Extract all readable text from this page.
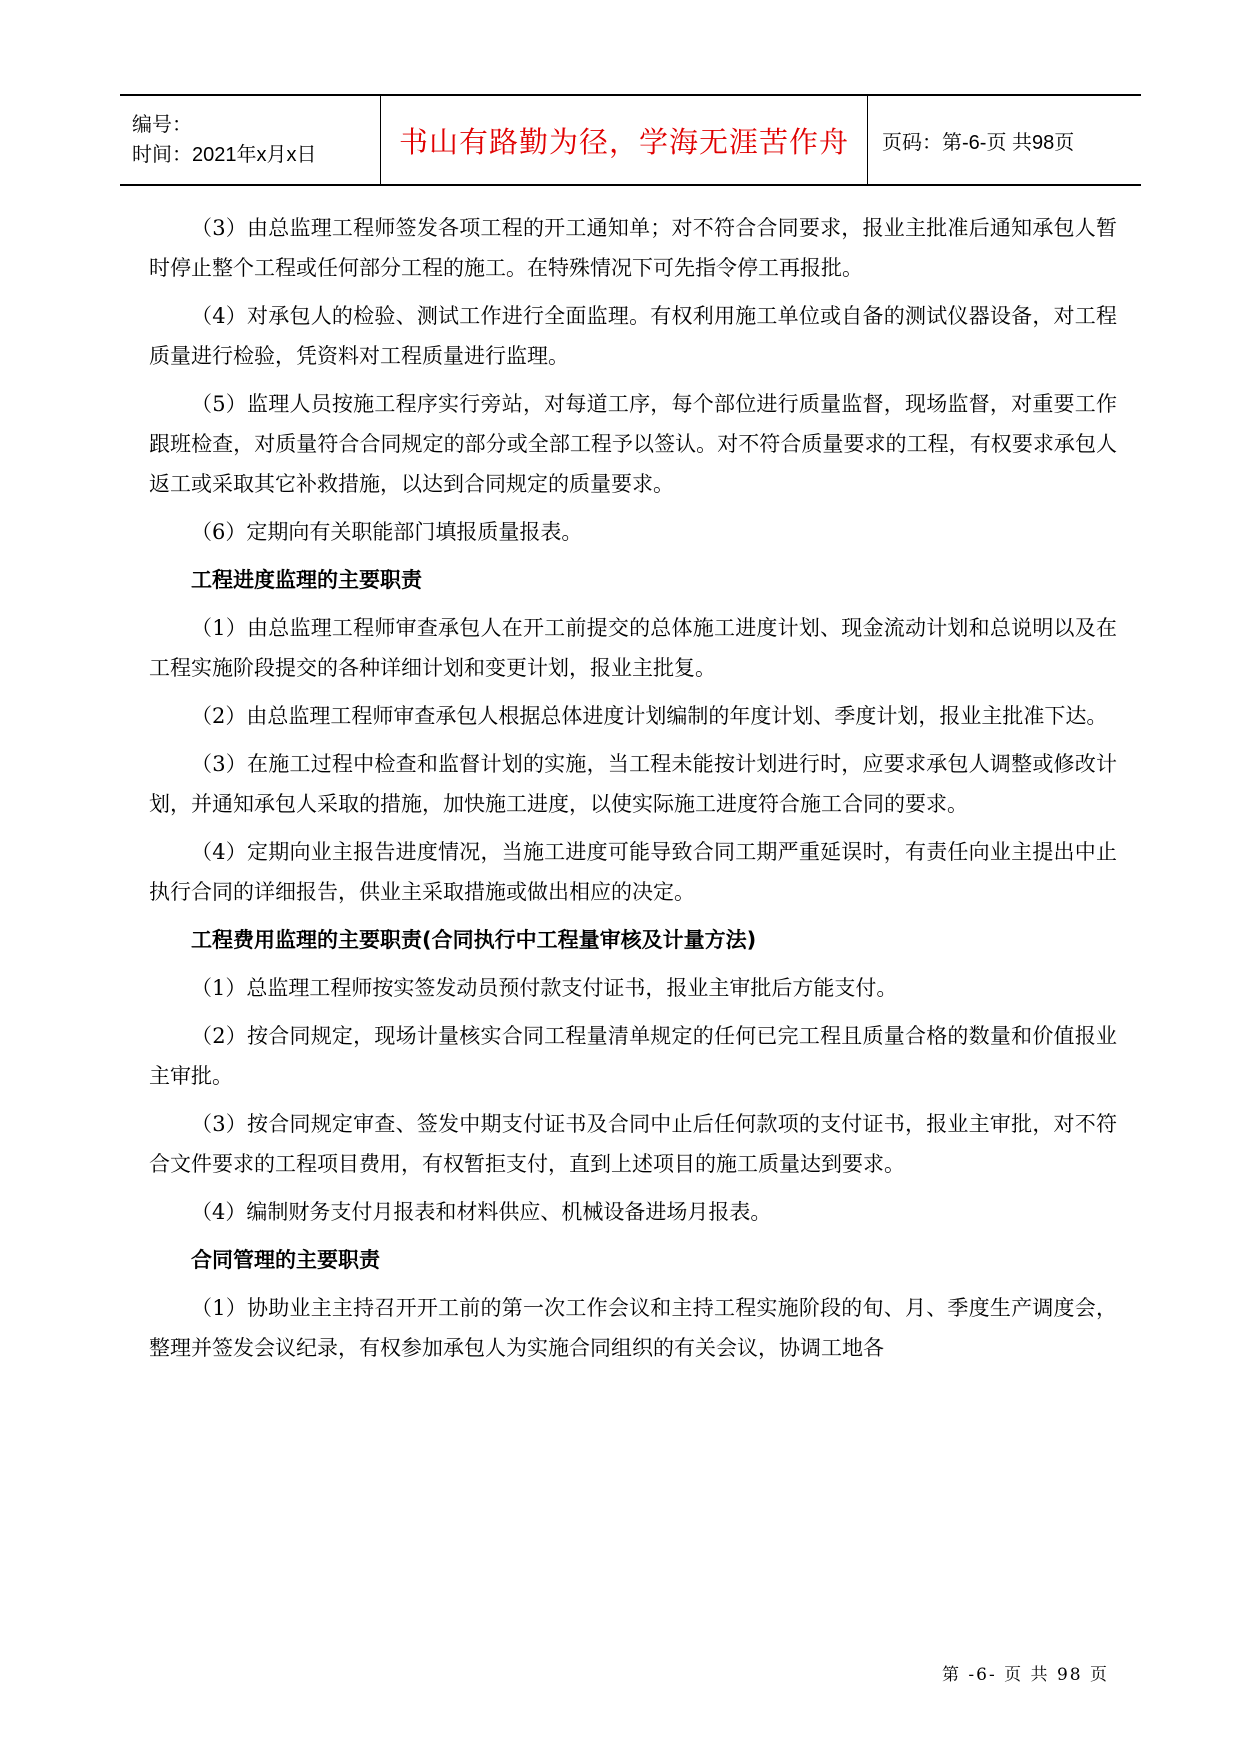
编号：
时间：2021年x月x日	书山有路勤为径，学海无涯苦作舟 页码：第-6-页 共98页

（3）由总监理工程师签发各项工程的开工通知单；对不符合合同要求，报业主批准后通知承包人暂时停止整个工程或任何部分工程的施工。在特殊情况下可先指令停工再报批。

（4）对承包人的检验、测试工作进行全面监理。有权利用施工单位或自备的测试仪器设备，对工程质量进行检验，凭资料对工程质量进行监理。

（5）监理人员按施工程序实行旁站，对每道工序，每个部位进行质量监督，现场监督，对重要工作跟班检查，对质量符合合同规定的部分或全部工程予以签认。对不符合质量要求的工程，有权要求承包人返工或采取其它补救措施，以达到合同规定的质量要求。

（6）定期向有关职能部门填报质量报表。

工程进度监理的主要职责

（1）由总监理工程师审查承包人在开工前提交的总体施工进度计划、现金流动计划和总说明以及在工程实施阶段提交的各种详细计划和变更计划，报业主批复。

（2）由总监理工程师审查承包人根据总体进度计划编制的年度计划、季度计划，报业主批准下达。

（3）在施工过程中检查和监督计划的实施，当工程未能按计划进行时，应要求承包人调整或修改计划，并通知承包人采取的措施，加快施工进度，以使实际施工进度符合施工合同的要求。

（4）定期向业主报告进度情况，当施工进度可能导致合同工期严重延误时，有责任向业主提出中止执行合同的详细报告，供业主采取措施或做出相应的决定。

工程费用监理的主要职责(合同执行中工程量审核及计量方法)

（1）总监理工程师按实签发动员预付款支付证书，报业主审批后方能支付。

（2）按合同规定，现场计量核实合同工程量清单规定的任何已完工程且质量合格的数量和价值报业主审批。

（3）按合同规定审查、签发中期支付证书及合同中止后任何款项的支付证书，报业主审批，对不符合文件要求的工程项目费用，有权暂拒支付，直到上述项目的施工质量达到要求。

（4）编制财务支付月报表和材料供应、机械设备进场月报表。

合同管理的主要职责

（1）协助业主主持召开开工前的第一次工作会议和主持工程实施阶段的旬、月、季度生产调度会，整理并签发会议纪录，有权参加承包人为实施合同组织的有关会议，协调工地各

第 -6- 页 共 98 页
